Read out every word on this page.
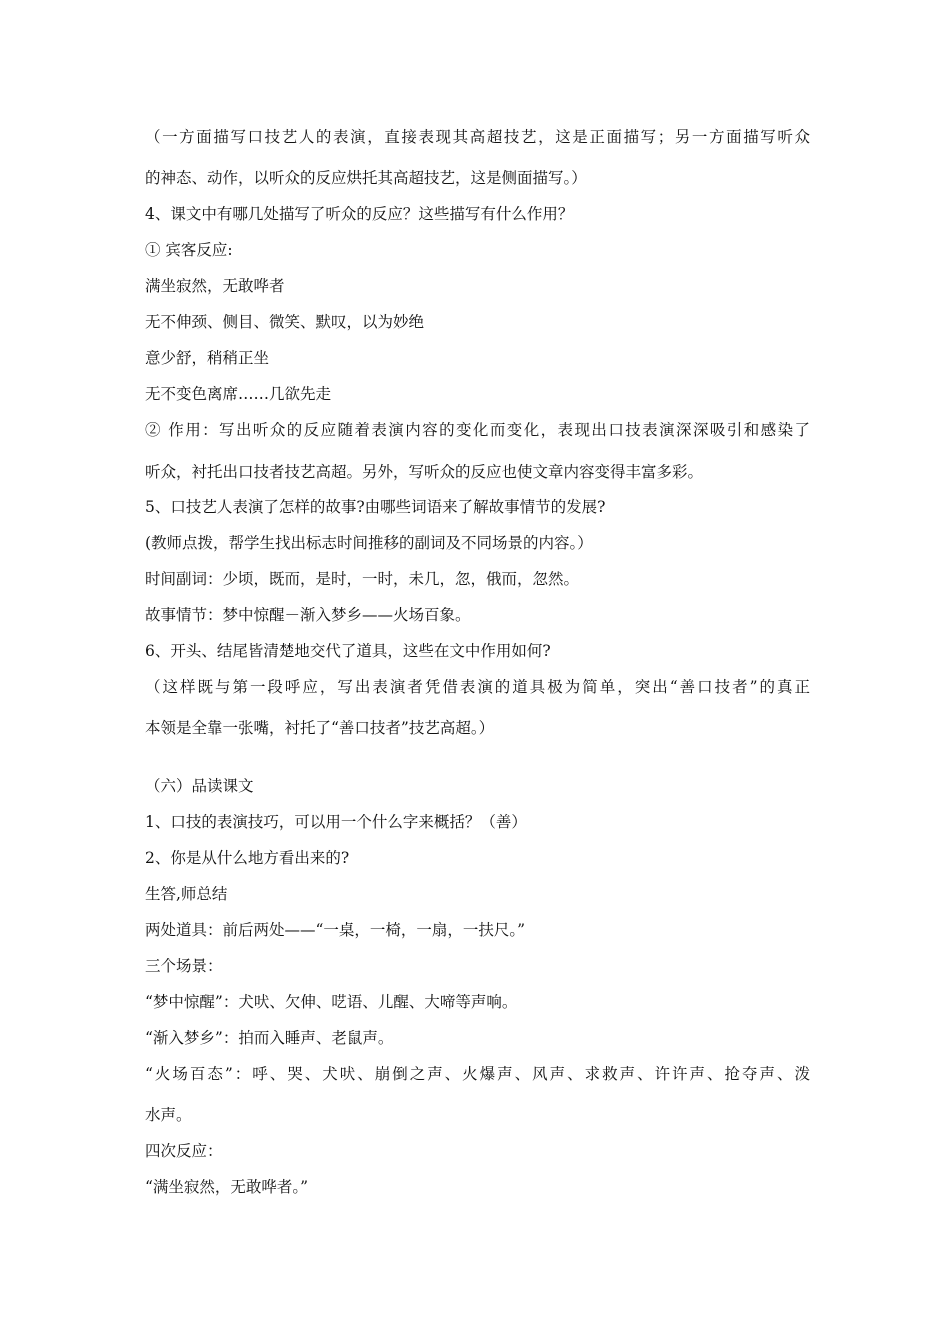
（一方面描写口技艺人的表演，直接表现其高超技艺，这是正面描写；另一方面描写听众
的神态、动作，以听众的反应烘托其高超技艺，这是侧面描写。）
4、课文中有哪几处描写了听众的反应？这些描写有什么作用？
① 宾客反应:
满坐寂然，无敢哗者
无不伸颈、侧目、微笑、默叹，以为妙绝
意少舒，稍稍正坐
无不变色离席……几欲先走
② 作用：写出听众的反应随着表演内容的变化而变化，表现出口技表演深深吸引和感染了
听众，衬托出口技者技艺高超。另外，写听众的反应也使文章内容变得丰富多彩。
5、口技艺人表演了怎样的故事?由哪些词语来了解故事情节的发展?
(教师点拨，帮学生找出标志时间推移的副词及不同场景的内容。）
时间副词：少顷，既而，是时，一时，未几，忽，俄而，忽然。
故事情节：梦中惊醒－渐入梦乡——火场百象。
6、开头、结尾皆清楚地交代了道具，这些在文中作用如何?
（这样既与第一段呼应，写出表演者凭借表演的道具极为简单，突出“善口技者”的真正
本领是全靠一张嘴，衬托了“善口技者”技艺高超。）
（六）品读课文
1、口技的表演技巧，可以用一个什么字来概括？（善）
2、你是从什么地方看出来的?
生答,师总结
两处道具：前后两处——“一桌，一椅，一扇，一扶尺。”
三个场景：
“梦中惊醒”：犬吠、欠伸、呓语、儿醒、大啼等声响。
“渐入梦乡”：拍而入睡声、老鼠声。
“火场百态”：呼、哭、犬吠、崩倒之声、火爆声、风声、求救声、许许声、抢夺声、泼
水声。
四次反应：
“满坐寂然，无敢哗者。”
